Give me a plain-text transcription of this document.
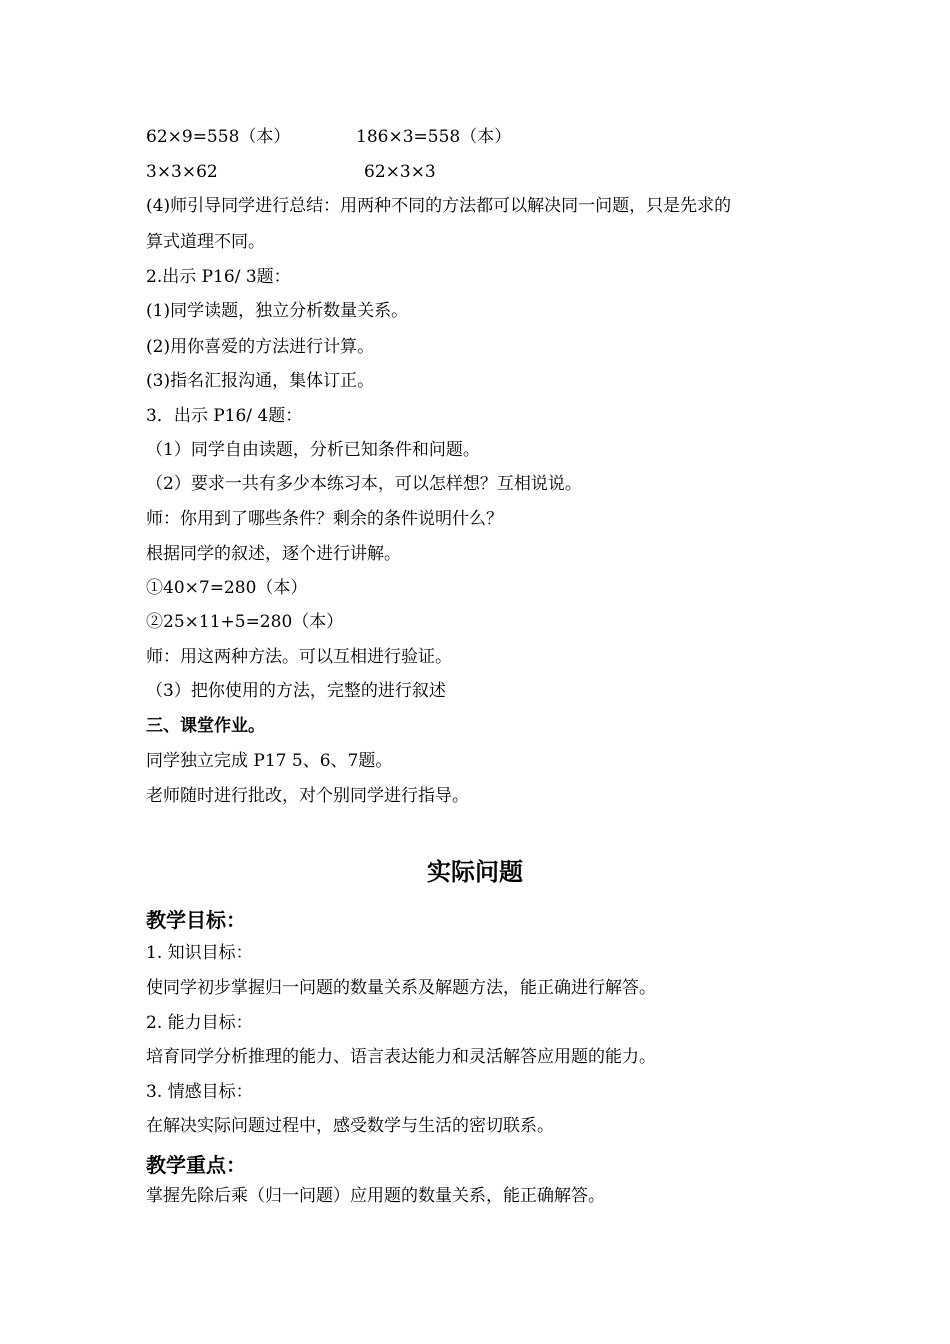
62×9=558（本）	186×3=558（本）
3×3×62	62×3×3
(4)师引导同学进行总结：用两种不同的方法都可以解决同一问题，只是先求的
算式道理不同。
2.出示 P16/ 3题：
(1)同学读题，独立分析数量关系。
(2)用你喜爱的方法进行计算。
(3)指名汇报沟通，集体订正。
3．出示 P16/ 4题：
（1）同学自由读题，分析已知条件和问题。
（2）要求一共有多少本练习本，可以怎样想？互相说说。
师：你用到了哪些条件？剩余的条件说明什么？
根据同学的叙述，逐个进行讲解。
①40×7=280（本）
②25×11+5=280（本）
师：用这两种方法。可以互相进行验证。
（3）把你使用的方法，完整的进行叙述
三、课堂作业。
同学独立完成 P17 5、6、7题。
老师随时进行批改，对个别同学进行指导。
实际问题
教学目标：
1. 知识目标：
使同学初步掌握归一问题的数量关系及解题方法，能正确进行解答。
2. 能力目标：
培育同学分析推理的能力、语言表达能力和灵活解答应用题的能力。
3. 情感目标：
在解决实际问题过程中，感受数学与生活的密切联系。
教学重点：
掌握先除后乘（归一问题）应用题的数量关系，能正确解答。
